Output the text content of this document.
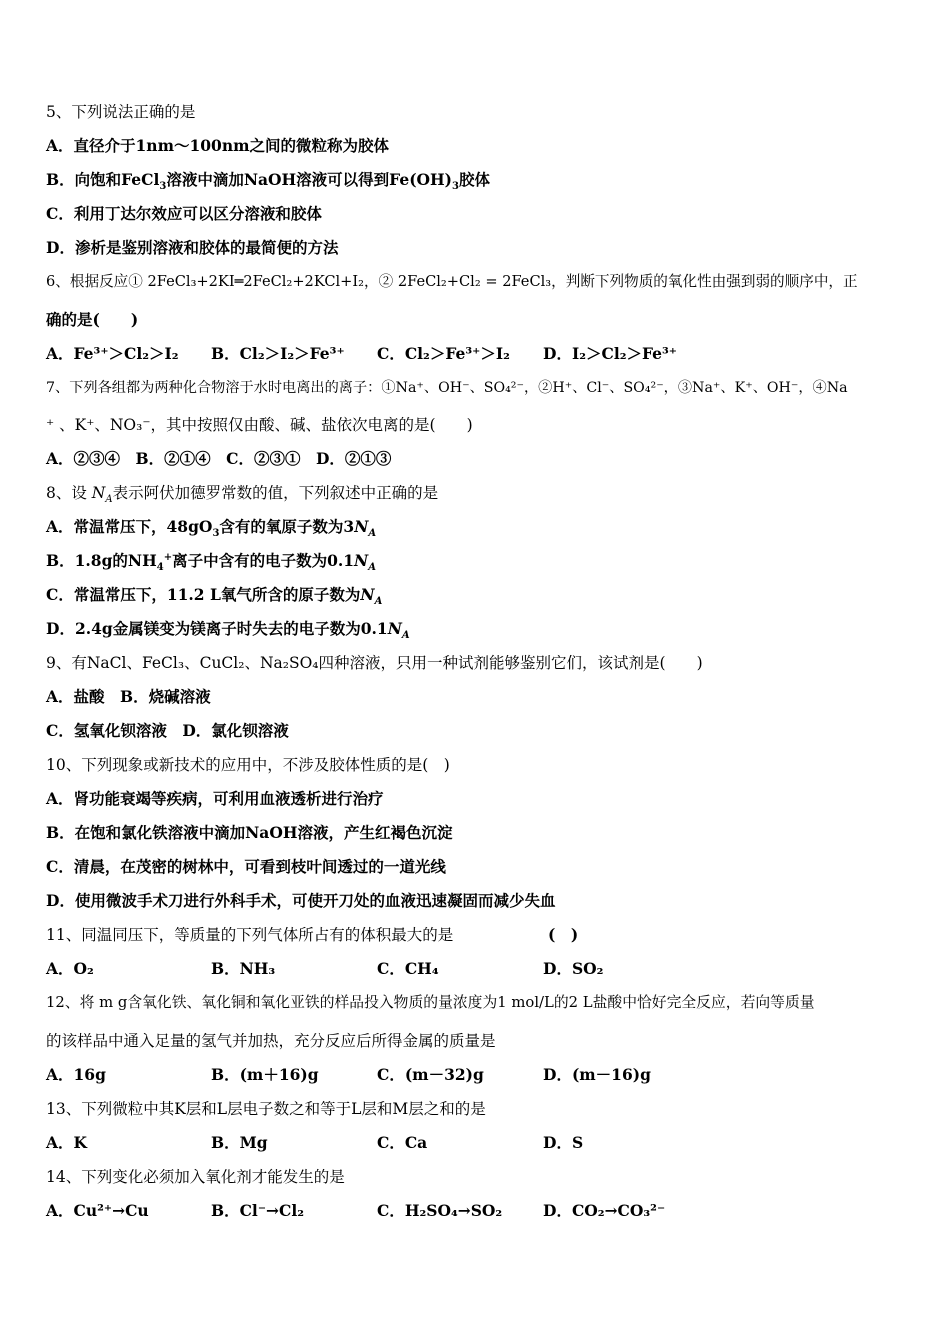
5、下列说法正确的是
A．直径介于1nm～100nm之间的微粒称为胶体
B．向饱和FeCl$_3$溶液中滴加NaOH溶液可以得到$Fe(OH)_3$胶体
C．利用丁达尔效应可以区分溶液和胶体
D．渗析是鉴别溶液和胶体的最简便的方法
6、根据反应① 2FeCl₃+2KI═2FeCl₂+2KCl+I₂，② 2FeCl₂+Cl₂ = 2FeCl₃，判断下列物质的氧化性由强到弱的顺序中，正
确的是(　　)
A．Fe³⁺＞Cl₂＞I₂ B．Cl₂＞I₂＞Fe³⁺ C．Cl₂＞Fe³⁺＞I₂ D．I₂＞Cl₂＞Fe³⁺
7、下列各组都为两种化合物溶于水时电离出的离子：①Na⁺、OH⁻、SO₄²⁻，②H⁺、Cl⁻、SO₄²⁻，③Na⁺、K⁺、OH⁻，④Na
⁺ 、K⁺、NO₃⁻，其中按照仅由酸、碱、盐依次电离的是(　　)
A．②③④　B．②①④　C．②③①　D．②①③
8、设 $N_A$表示阿伏加德罗常数的值，下列叙述中正确的是
A．常温常压下，$48gO_3$含有的氧原子数为$3N_A$
B．1.8g的$NH_4^+$离子中含有的电子数为$0.1N_A$
C．常温常压下，11.2 L氧气所含的原子数为$N_A$
D．2.4g金属镁变为镁离子时失去的电子数为$0.1N_A$
9、有NaCl、FeCl₃、CuCl₂、Na₂SO₄四种溶液，只用一种试剂能够鉴别它们，该试剂是(　　)
A．盐酸　B．烧碱溶液
C．氢氧化钡溶液　D．氯化钡溶液
10、下列现象或新技术的应用中，不涉及胶体性质的是(　)
A．肾功能衰竭等疾病，可利用血液透析进行治疗
B．在饱和氯化铁溶液中滴加NaOH溶液，产生红褐色沉淀
C．清晨，在茂密的树林中，可看到枝叶间透过的一道光线
D．使用微波手术刀进行外科手术，可使开刀处的血液迅速凝固而减少失血
11、同温同压下，等质量的下列气体所占有的体积最大的是	(　)
A．O₂	B．NH₃	C．CH₄	D．SO₂
12、将 m g含氧化铁、氧化铜和氧化亚铁的样品投入物质的量浓度为1 mol/L的2 L盐酸中恰好完全反应，若向等质量
的该样品中通入足量的氢气并加热，充分反应后所得金属的质量是
A．16g	B．(m＋16)g	C．(m－32)g	D．(m－16)g
13、下列微粒中其K层和L层电子数之和等于L层和M层之和的是
A．K	B．Mg	C．Ca	D．S
14、下列变化必须加入氧化剂才能发生的是
A．Cu²⁺→Cu	B．Cl⁻→Cl₂	C．H₂SO₄→SO₂	D．CO₂→CO₃²⁻
